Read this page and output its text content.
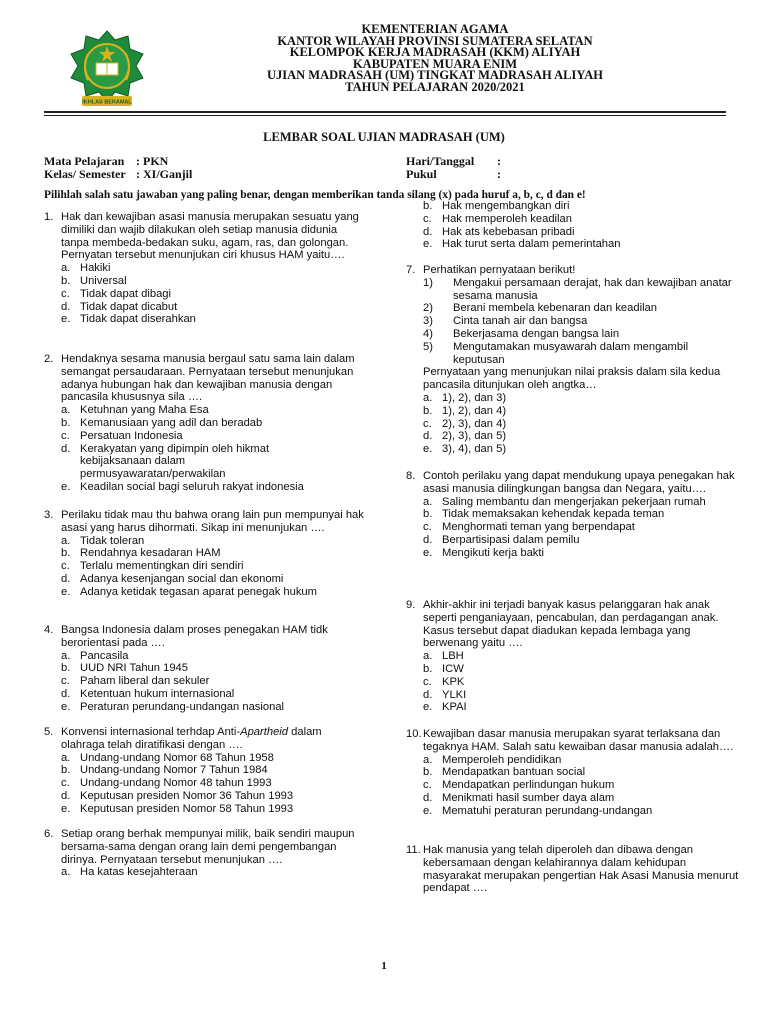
IKHLAS BERAMAL
KEMENTERIAN AGAMA
KANTOR WILAYAH PROVINSI SUMATERA SELATAN
KELOMPOK KERJA MADRASAH (KKM) ALIYAH
KABUPATEN MUARA ENIM
UJIAN MADRASAH (UM) TINGKAT MADRASAH ALIYAH
TAHUN PELAJARAN 2020/2021
LEMBAR SOAL UJIAN MADRASAH (UM)
Mata Pelajaran : PKN
Kelas/ Semester : XI/Ganjil
Hari/Tanggal :
Pukul	:
Pilihlah salah satu jawaban yang paling benar, dengan memberikan tanda silang (x) pada huruf a, b, c, d dan e!
1. Hak dan kewajiban asasi manusia merupakan sesuatu yang dimiliki dan wajib dilakukan oleh setiap manusia didunia tanpa membeda-bedakan suku, agam, ras, dan golongan. Pernyatan tersebut menunjukan ciri khusus HAM yaitu….
a. Hakiki
b. Universal
c. Tidak dapat dibagi
d. Tidak dapat dicabut
e. Tidak dapat diserahkan
2. Hendaknya sesama manusia bergaul satu sama lain dalam semangat persaudaraan. Pernyataan tersebut menunjukan adanya hubungan hak dan kewajiban manusia dengan pancasila khususnya sila ….
a. Ketuhnan yang Maha Esa
b. Kemanusiaan yang adil dan beradab
c. Persatuan Indonesia
d. Kerakyatan yang dipimpin oleh hikmat kebijaksanaan dalam permusyawaratan/perwakilan
e. Keadilan social bagi seluruh rakyat indonesia
3. Perilaku tidak mau thu bahwa orang lain pun mempunyai hak asasi yang harus dihormati. Sikap ini menunjukan ….
a. Tidak toleran
b. Rendahnya kesadaran HAM
c. Terlalu mementingkan diri sendiri
d. Adanya kesenjangan social dan ekonomi
e. Adanya ketidak tegasan aparat penegak hukum
4. Bangsa Indonesia dalam proses penegakan HAM tidk berorientasi pada ….
a. Pancasila
b. UUD NRI Tahun 1945
c. Paham liberal dan sekuler
d. Ketentuan hukum internasional
e. Peraturan perundang-undangan nasional
5. Konvensi internasional terhdap Anti-Apartheid dalam olahraga telah diratifikasi dengan ….
a. Undang-undang Nomor 68 Tahun 1958
b. Undang-undang Nomor 7 Tahun 1984
c. Undang-undang Nomor 48 tahun 1993
d. Keputusan presiden Nomor 36 Tahun 1993
e. Keputusan presiden Nomor 58 Tahun 1993
6. Setiap orang berhak mempunyai milik, baik sendiri maupun bersama-sama dengan orang lain demi pengembangan dirinya. Pernyataan tersebut menunjukan ….
a. Ha katas kesejahteraan
b. Hak mengembangkan diri
c. Hak memperoleh keadilan
d. Hak ats kebebasan pribadi
e. Hak turut serta dalam pemerintahan
7. Perhatikan pernyataan berikut!
1) Mengakui persamaan derajat, hak dan kewajiban anatar sesama manusia
2) Berani membela kebenaran dan keadilan
3) Cinta tanah air dan bangsa
4) Bekerjasama dengan bangsa lain
5) Mengutamakan musyawarah dalam mengambil keputusan
Pernyataan yang menunjukan nilai praksis dalam sila kedua pancasila ditunjukan oleh angtka…
a. 1), 2), dan 3)
b. 1), 2), dan 4)
c. 2), 3), dan 4)
d. 2), 3), dan 5)
e. 3), 4), dan 5)
8. Contoh perilaku yang dapat mendukung upaya penegakan hak asasi manusia dilingkungan bangsa dan Negara, yaitu….
a. Saling membantu dan mengerjakan pekerjaan rumah
b. Tidak memaksakan kehendak kepada teman
c. Menghormati teman yang berpendapat
d. Berpartisipasi dalam pemilu
e. Mengikuti kerja bakti
9. Akhir-akhir ini terjadi banyak kasus pelanggaran hak anak seperti penganiayaan, pencabulan, dan perdagangan anak. Kasus tersebut dapat diadukan kepada lembaga yang berwenang yaitu ….
a. LBH
b. ICW
c. KPK
d. YLKI
e. KPAI
10. Kewajiban dasar manusia merupakan syarat terlaksana dan tegaknya HAM. Salah satu kewaiban dasar manusia adalah….
a. Memperoleh pendidikan
b. Mendapatkan bantuan social
c. Mendapatkan perlindungan hukum
d. Menikmati hasil sumber daya alam
e. Mematuhi peraturan perundang-undangan
11. Hak manusia yang telah diperoleh dan dibawa dengan kebersamaan dengan kelahirannya dalam kehidupan masyarakat merupakan pengertian Hak Asasi Manusia menurut pendapat ….
1
